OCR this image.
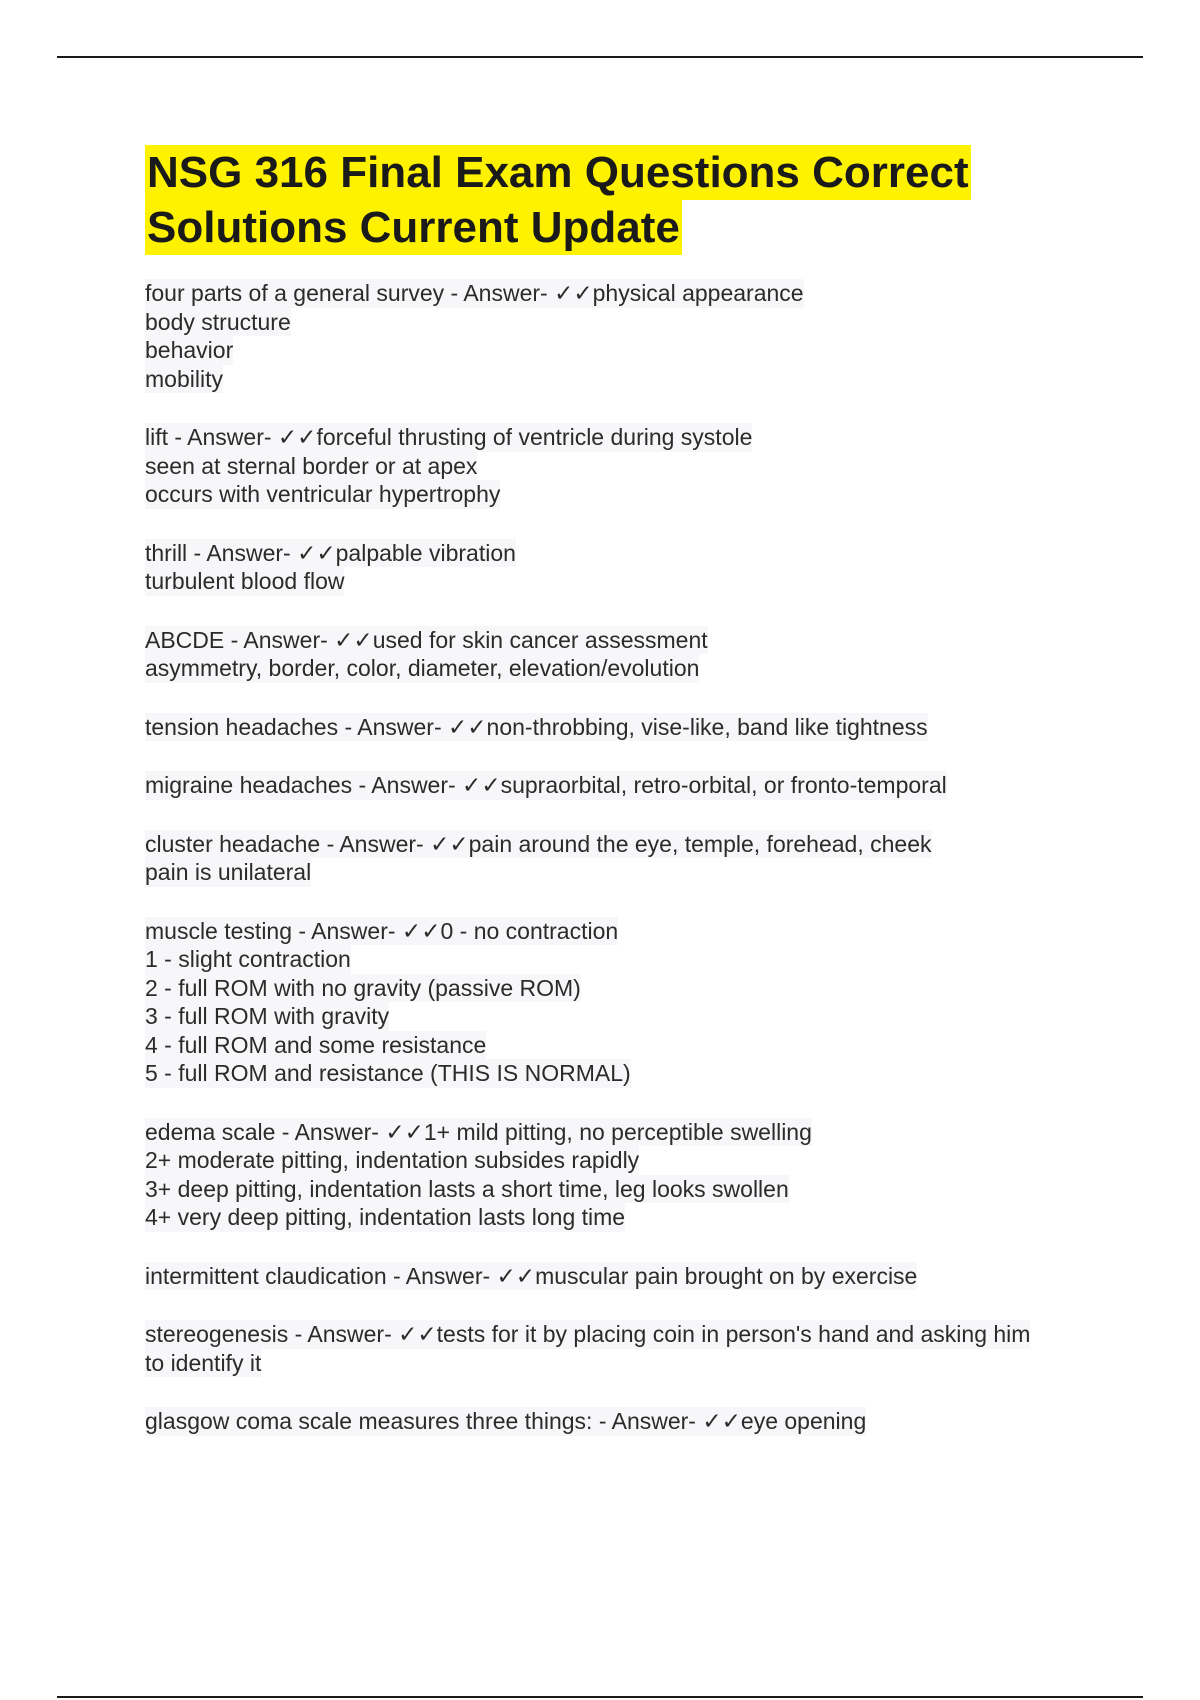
NSG 316 Final Exam Questions Correct
Solutions Current Update
four parts of a general survey - Answer- ✓✓physical appearance
body structure
behavior
mobility
lift - Answer- ✓✓forceful thrusting of ventricle during systole
seen at sternal border or at apex
occurs with ventricular hypertrophy
thrill - Answer- ✓✓palpable vibration
turbulent blood flow
ABCDE - Answer- ✓✓used for skin cancer assessment
asymmetry, border, color, diameter, elevation/evolution
tension headaches - Answer- ✓✓non-throbbing, vise-like, band like tightness
migraine headaches - Answer- ✓✓supraorbital, retro-orbital, or fronto-temporal
cluster headache - Answer- ✓✓pain around the eye, temple, forehead, cheek
pain is unilateral
muscle testing - Answer- ✓✓0 - no contraction
1 - slight contraction
2 - full ROM with no gravity (passive ROM)
3 - full ROM with gravity
4 - full ROM and some resistance
5 - full ROM and resistance (THIS IS NORMAL)
edema scale - Answer- ✓✓1+ mild pitting, no perceptible swelling
2+ moderate pitting, indentation subsides rapidly
3+ deep pitting, indentation lasts a short time, leg looks swollen
4+ very deep pitting, indentation lasts long time
intermittent claudication - Answer- ✓✓muscular pain brought on by exercise
stereogenesis - Answer- ✓✓tests for it by placing coin in person's hand and asking him
to identify it
glasgow coma scale measures three things: - Answer- ✓✓eye opening
